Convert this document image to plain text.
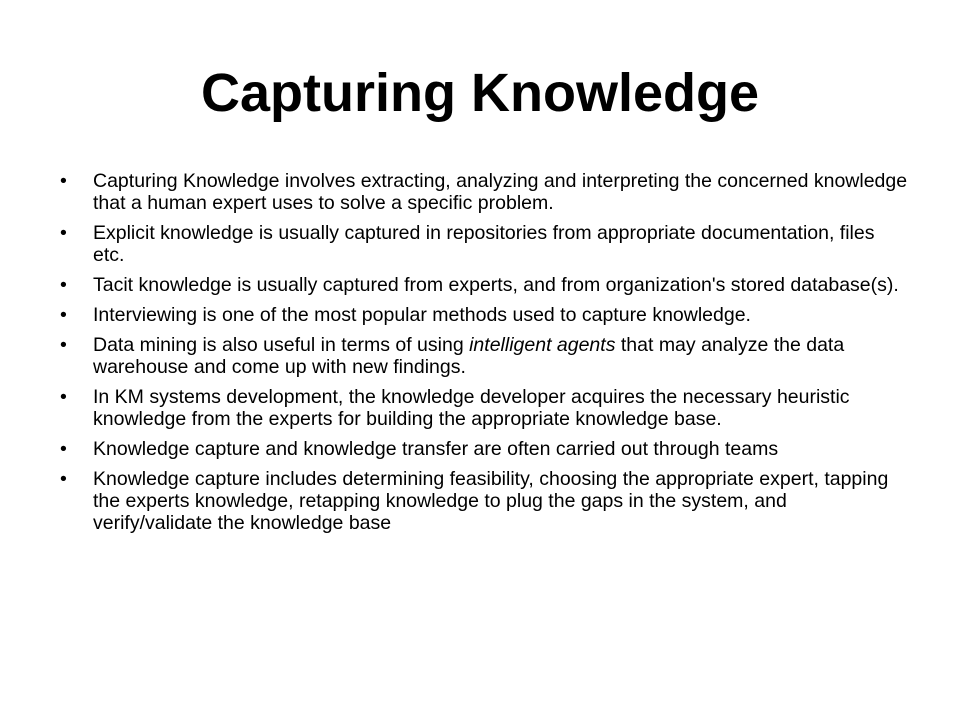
Capturing Knowledge
• Capturing Knowledge involves extracting, analyzing and interpreting the concerned knowledge that a human expert uses to solve a specific problem.
• Explicit knowledge is usually captured in repositories from appropriate documentation, files etc.
• Tacit knowledge is usually captured from experts, and from organization's stored database(s).
• Interviewing is one of the most popular methods used to capture knowledge.
• Data mining is also useful in terms of using intelligent agents that may analyze the data warehouse and come up with new findings.
• In KM systems development, the knowledge developer acquires the necessary heuristic knowledge from the experts for building the appropriate knowledge base.
• Knowledge capture and knowledge transfer are often carried out through teams
• Knowledge capture includes determining feasibility, choosing the appropriate expert, tapping the experts knowledge, retapping knowledge to plug the gaps in the system, and verify/validate the knowledge base
